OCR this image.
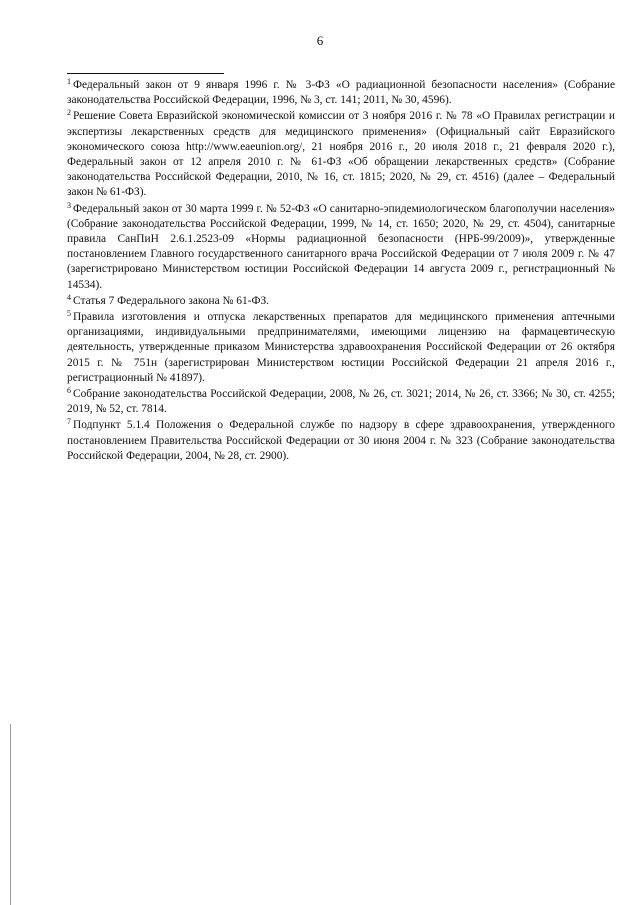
6

$^1$ Федеральный закон от 9 января 1996 г. № 3-ФЗ «О радиационной безопасности населения» (Собрание законодательства Российской Федерации, 1996, № 3, ст. 141; 2011, № 30, 4596).

$^2$ Решение Совета Евразийской экономической комиссии от 3 ноября 2016 г. № 78 «О Правилах регистрации и экспертизы лекарственных средств для медицинского применения» (Официальный сайт Евразийского экономического союза http://www.eaeunion.org/, 21 ноября 2016 г., 20 июля 2018 г., 21 февраля 2020 г.), Федеральный закон от 12 апреля 2010 г. № 61-ФЗ «Об обращении лекарственных средств» (Собрание законодательства Российской Федерации, 2010, № 16, ст. 1815; 2020, № 29, ст. 4516) (далее – Федеральный закон № 61-ФЗ).

$^3$ Федеральный закон от 30 марта 1999 г. № 52-ФЗ «О санитарно-эпидемиологическом благополучии населения» (Собрание законодательства Российской Федерации, 1999, № 14, ст. 1650; 2020, № 29, ст. 4504), санитарные правила СанПиН 2.6.1.2523-09 «Нормы радиационной безопасности (НРБ-99/2009)», утвержденные постановлением Главного государственного санитарного врача Российской Федерации от 7 июля 2009 г. № 47 (зарегистрировано Министерством юстиции Российской Федерации 14 августа 2009 г., регистрационный № 14534).

$^4$ Статья 7 Федерального закона № 61-ФЗ.

$^5$ Правила изготовления и отпуска лекарственных препаратов для медицинского применения аптечными организациями, индивидуальными предпринимателями, имеющими лицензию на фармацевтическую деятельность, утвержденные приказом Министерства здравоохранения Российской Федерации от 26 октября 2015 г. № 751н (зарегистрирован Министерством юстиции Российской Федерации 21 апреля 2016 г., регистрационный № 41897).

$^6$ Собрание законодательства Российской Федерации, 2008, № 26, ст. 3021; 2014, № 26, ст. 3366; № 30, ст. 4255; 2019, № 52, ст. 7814.

$^7$ Подпункт 5.1.4 Положения о Федеральной службе по надзору в сфере здравоохранения, утвержденного постановлением Правительства Российской Федерации от 30 июня 2004 г. № 323 (Собрание законодательства Российской Федерации, 2004, № 28, ст. 2900).
